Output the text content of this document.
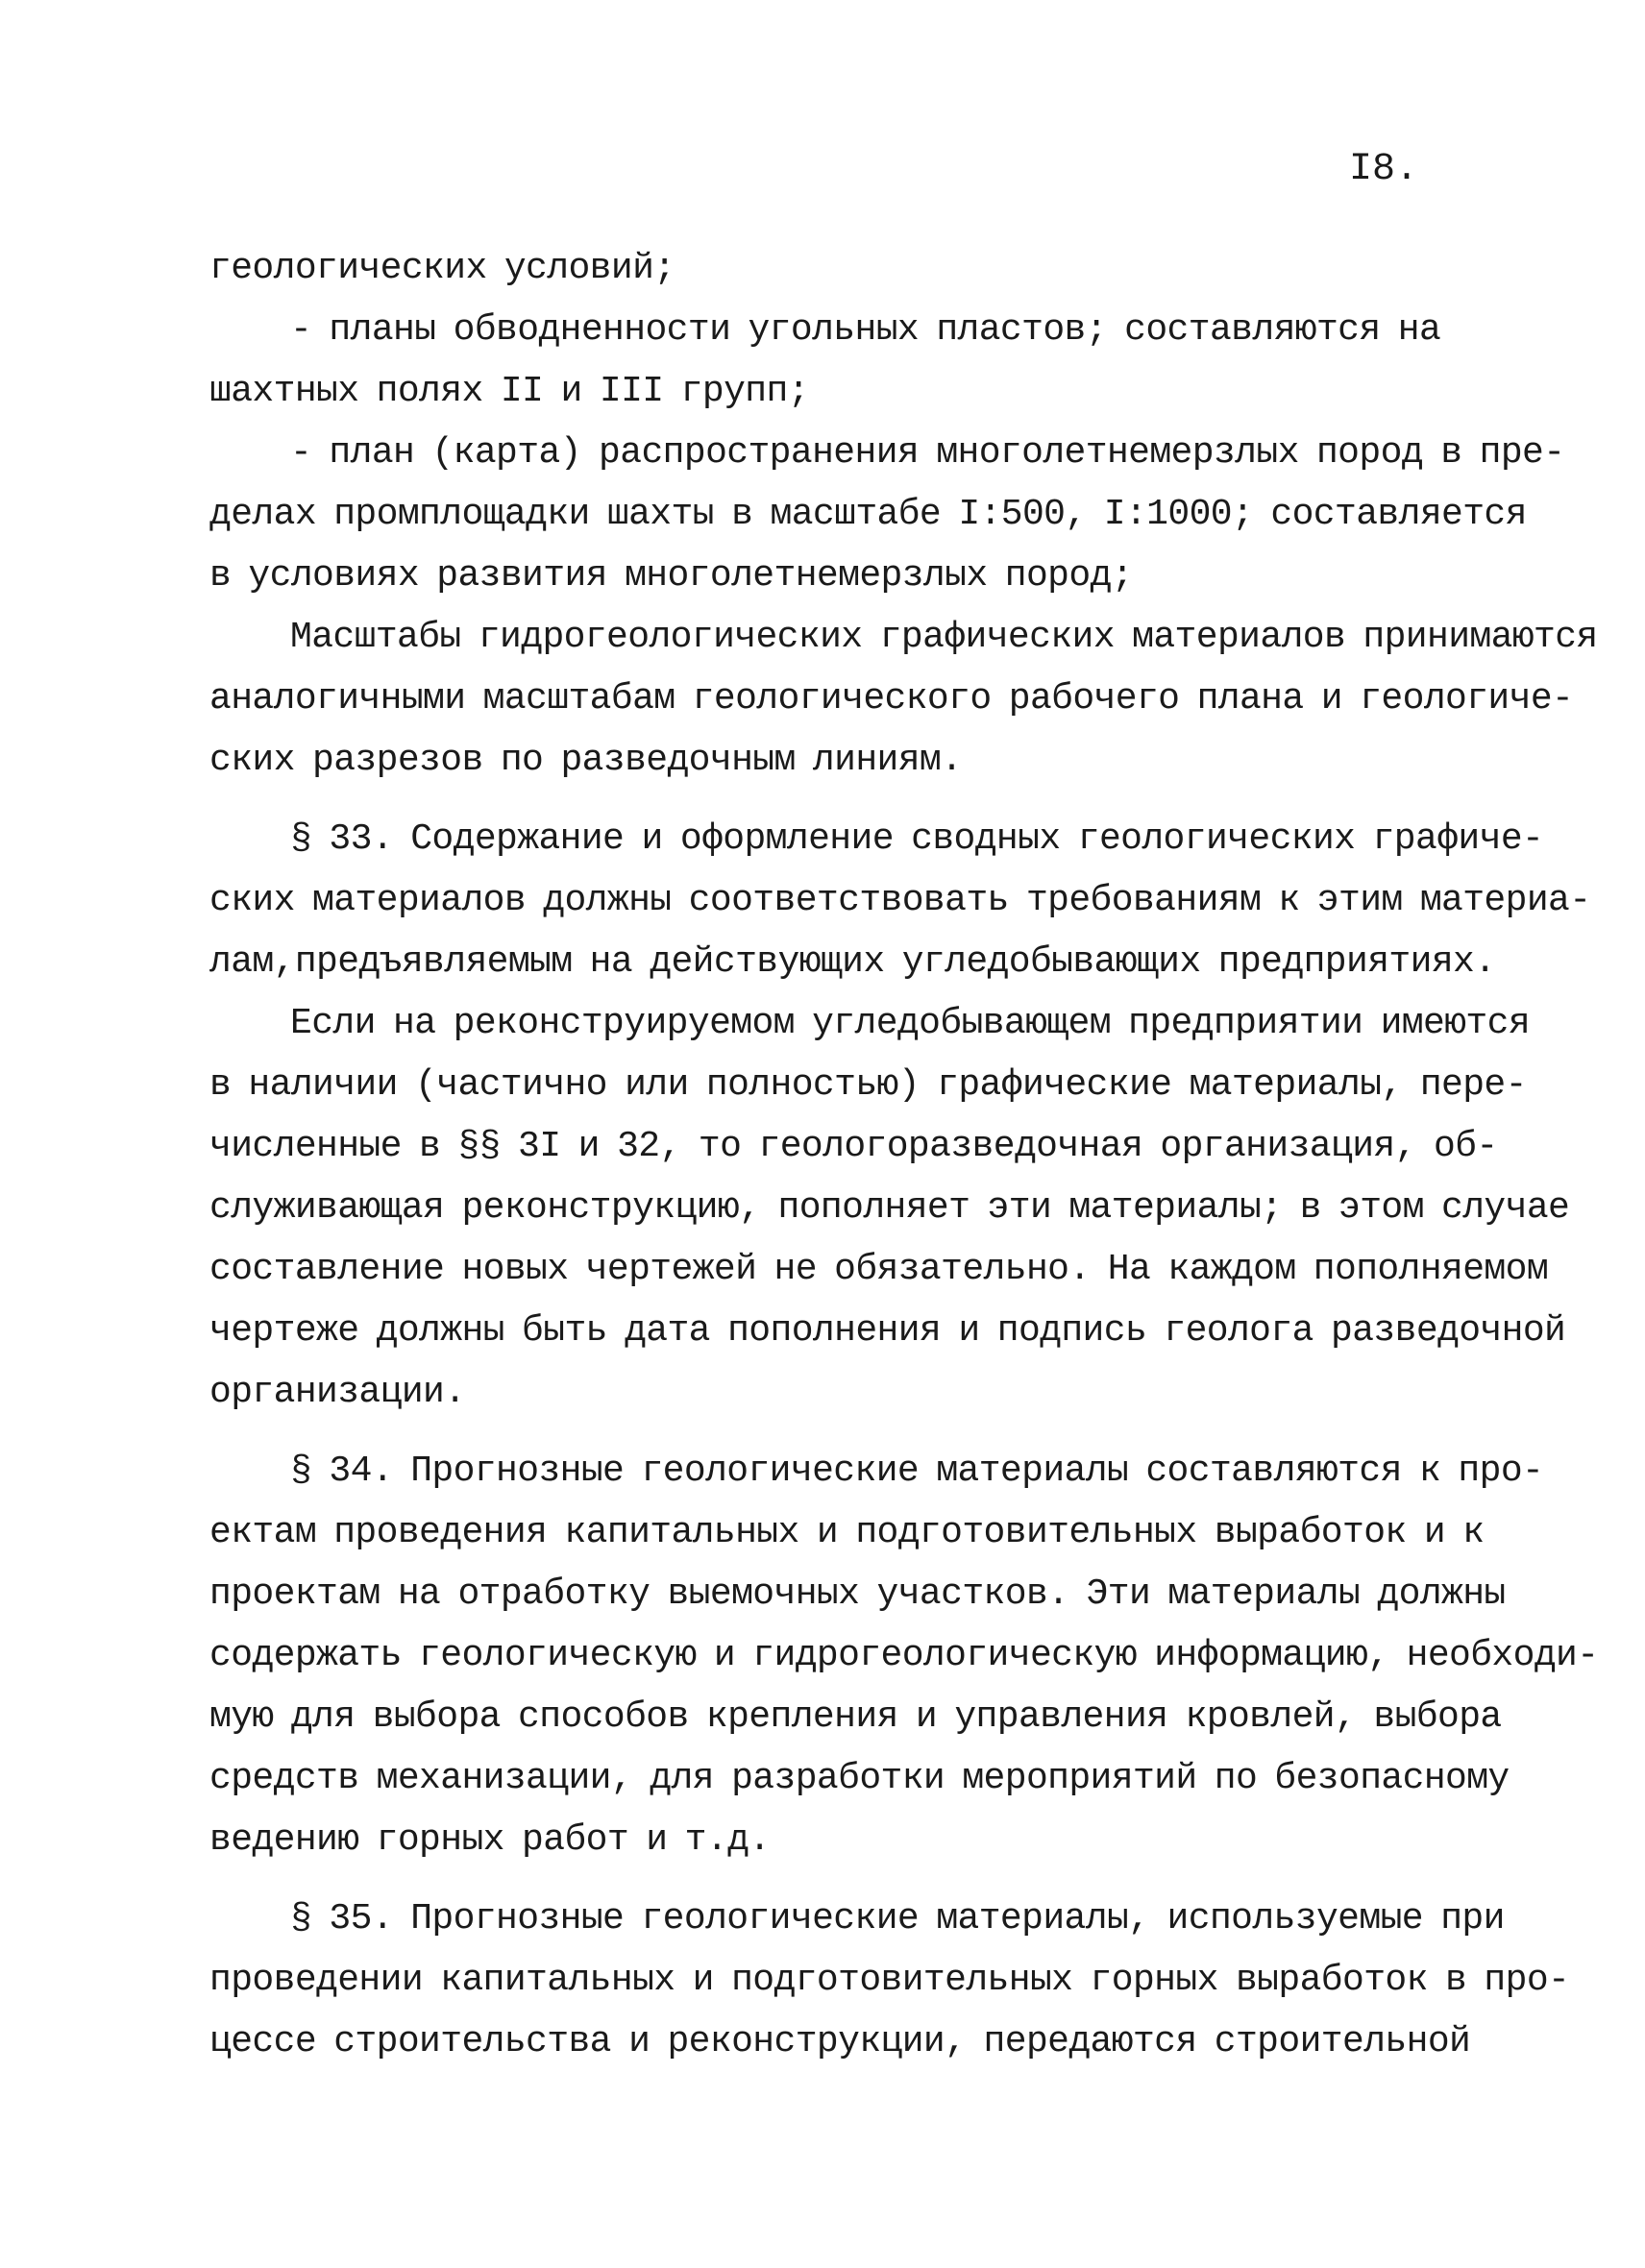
I8.
геологических условий;
- планы обводненности угольных пластов; составляются на
шахтных полях II и III групп;
- план (карта) распространения многолетнемерзлых пород в пре-
делах промплощадки шахты в масштабе I:500, I:1000; составляется
в условиях развития многолетнемерзлых пород;
Масштабы гидрогеологических графических материалов принимаются
аналогичными масштабам геологического рабочего плана и геологиче-
ских разрезов по разведочным линиям.
§ 33. Содержание и оформление сводных геологических графиче-
ских материалов должны соответствовать требованиям к этим материа-
лам,предъявляемым на действующих угледобывающих предприятиях.
Если на реконструируемом угледобывающем предприятии имеются
в наличии (частично или полностью) графические материалы, пере-
численные в §§ 3I и 32, то геологоразведочная организация, об-
служивающая реконструкцию, пополняет эти материалы; в этом случае
составление новых чертежей не обязательно. На каждом пополняемом
чертеже должны быть дата пополнения и подпись геолога разведочной
организации.
§ 34. Прогнозные геологические материалы составляются к про-
ектам проведения капитальных и подготовительных выработок и к
проектам на отработку выемочных участков. Эти материалы должны
содержать геологическую и гидрогеологическую информацию, необходи-
мую для выбора способов крепления и управления кровлей, выбора
средств механизации, для разработки мероприятий по безопасному
ведению горных работ и т.д.
§ 35. Прогнозные геологические материалы, используемые при
проведении капитальных и подготовительных горных выработок в про-
цессе строительства и реконструкции, передаются строительной
